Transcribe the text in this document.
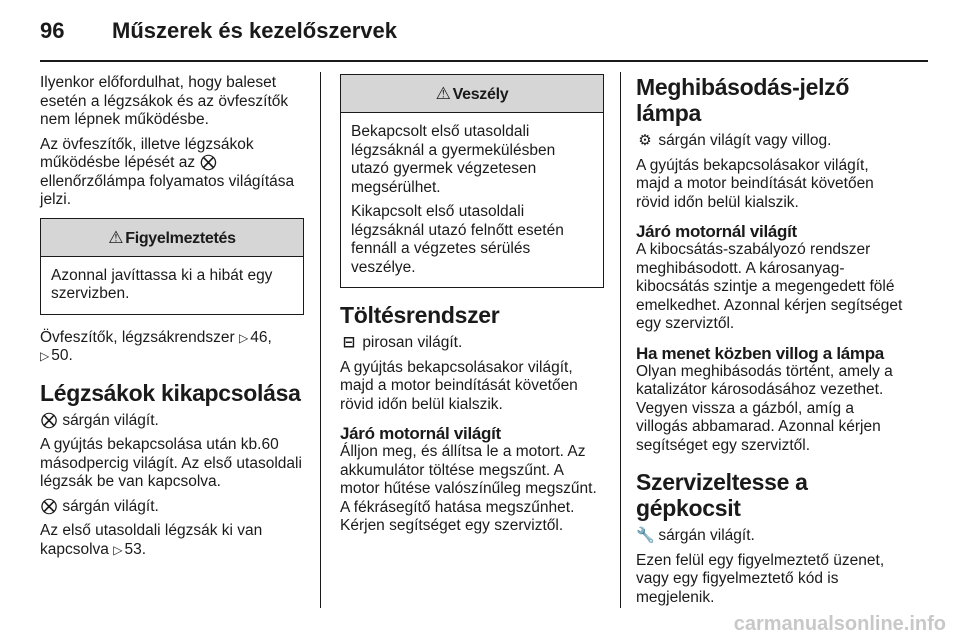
96 Műszerek és kezelőszervek

Ilyenkor előfordulhat, hogy baleset esetén a légzsákok és az övfeszítők nem lépnek működésbe.

Az övfeszítők, illetve légzsákok működésbe lépését az ⛒ ellenőrzőlámpa folyamatos világítása jelzi.

⚠ Figyelmeztetés

Azonnal javíttassa ki a hibát egy szervizben.

Övfeszítők, légzsákrendszer ▷ 46,
▷ 50.

Légzsákok kikapcsolása

⛒ sárgán világít.

A gyújtás bekapcsolása után kb.60 másodpercig világít. Az első utasoldali légzsák be van kapcsolva.

⛒ sárgán világít.

Az első utasoldali légzsák ki van kapcsolva ▷ 53.

⚠ Veszély

Bekapcsolt első utasoldali légzsáknál a gyermekülésben utazó gyermek végzetesen megsérülhet.

Kikapcsolt első utasoldali légzsáknál utazó felnőtt esetén fennáll a végzetes sérülés veszélye.

Töltésrendszer

⊟ pirosan világít.

A gyújtás bekapcsolásakor világít, majd a motor beindítását követően rövid időn belül kialszik.

Járó motornál világít

Álljon meg, és állítsa le a motort. Az akkumulátor töltése megszűnt. A motor hűtése valószínűleg megszűnt. A fékrásegítő hatása megszűnhet. Kérjen segítséget egy szerviztől.

Meghibásodás-jelző lámpa

⚙ sárgán világít vagy villog.

A gyújtás bekapcsolásakor világít, majd a motor beindítását követően rövid időn belül kialszik.

Járó motornál világít

A kibocsátás-szabályozó rendszer meghibásodott. A károsanyag-kibocsátás szintje a megengedett fölé emelkedhet. Azonnal kérjen segítséget egy szerviztől.

Ha menet közben villog a lámpa

Olyan meghibásodás történt, amely a katalizátor károsodásához vezethet. Vegyen vissza a gázból, amíg a villogás abbamarad. Azonnal kérjen segítséget egy szerviztől.

Szervizeltesse a gépkocsit

🔧 sárgán világít.

Ezen felül egy figyelmeztető üzenet, vagy egy figyelmeztető kód is megjelenik.

carmanualsonline.info
